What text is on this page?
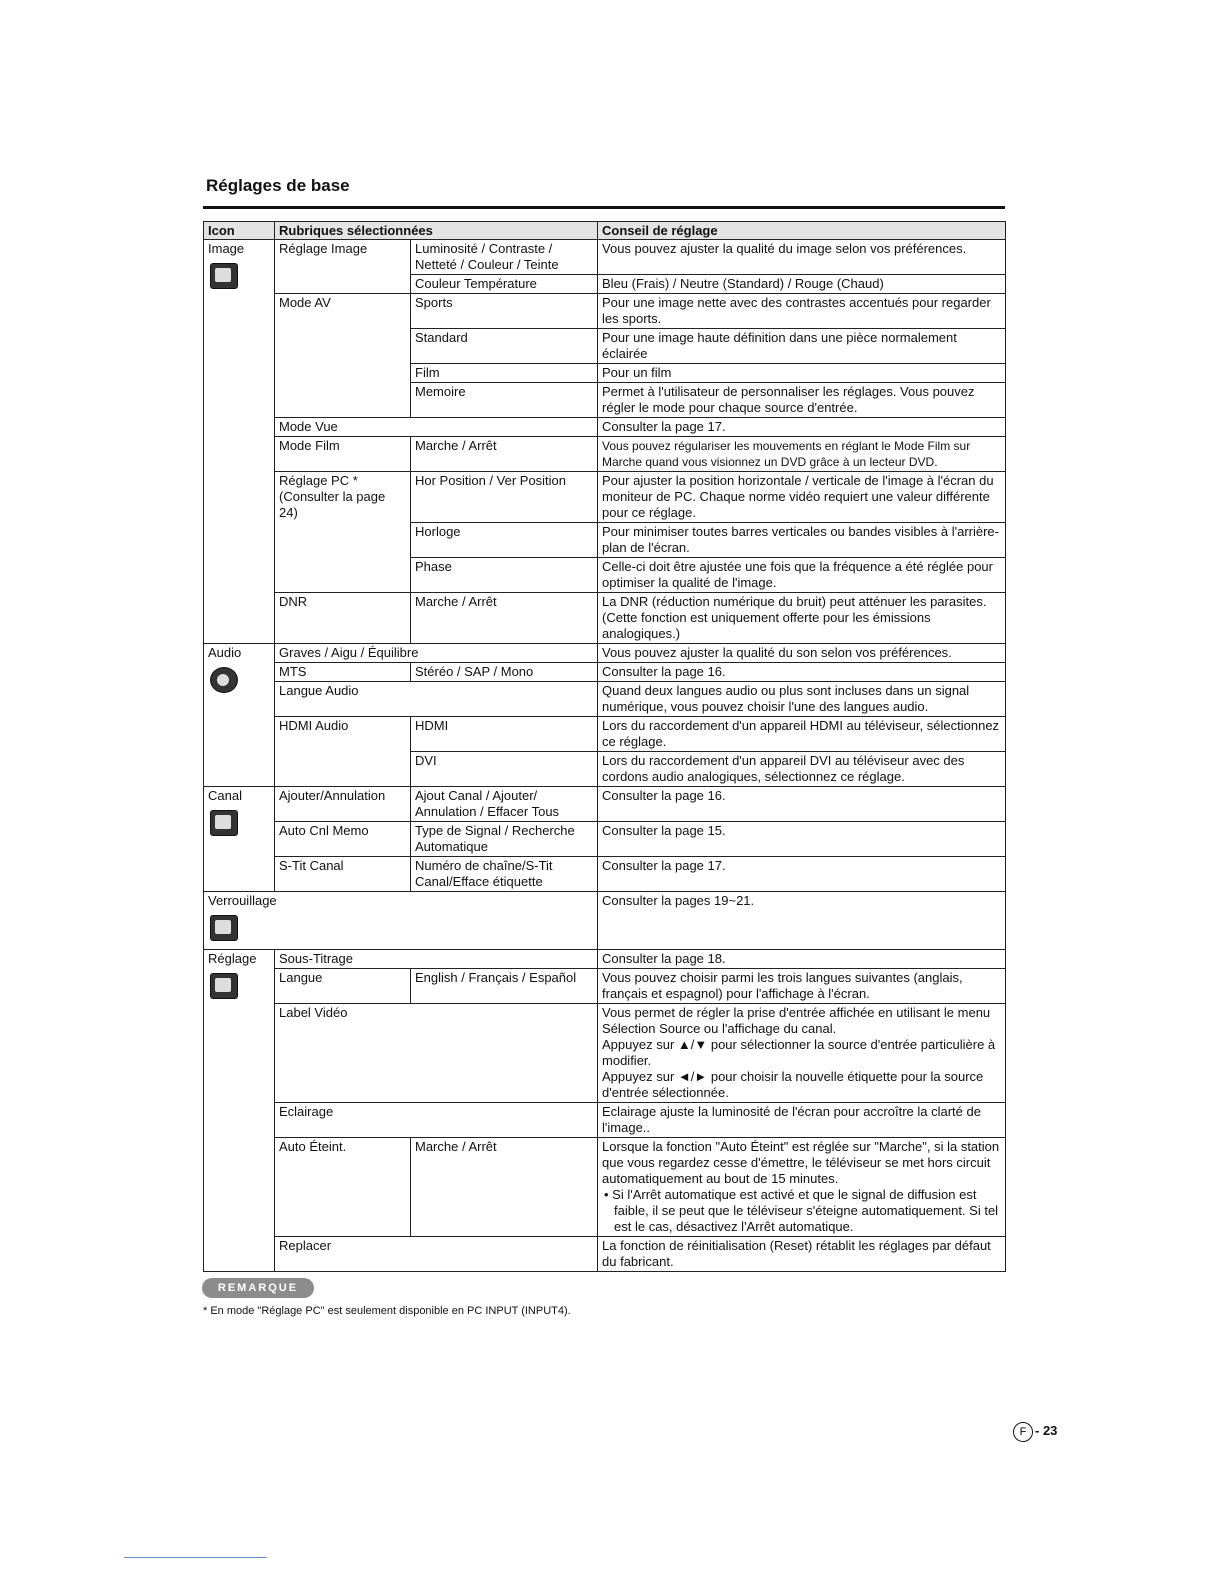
Réglages de base
Icon	Rubriques sélectionnées		Conseil de réglage

Image	Réglage Image	Luminosité / Contraste / Netteté / Couleur / Teinte	Vous pouvez ajuster la qualité du image selon vos préférences.
		Couleur Température	Bleu (Frais) / Neutre (Standard) / Rouge (Chaud)
	Mode AV	Sports	Pour une image nette avec des contrastes accentués pour regarder les sports.
		Standard	Pour une image haute définition dans une pièce normalement éclairée
		Film	Pour un film
		Memoire	Permet à l'utilisateur de personnaliser les réglages. Vous pouvez régler le mode pour chaque source d'entrée.
	Mode Vue		Consulter la page 17.
	Mode Film	Marche / Arrêt	Vous pouvez régulariser les mouvements en réglant le Mode Film sur Marche quand vous visionnez un DVD grâce à un lecteur DVD.
	Réglage PC * (Consulter la page 24)	Hor Position / Ver Position	Pour ajuster la position horizontale / verticale de l'image à l'écran du moniteur de PC. Chaque norme vidéo requiert une valeur différente pour ce réglage.
		Horloge	Pour minimiser toutes barres verticales ou bandes visibles à l'arrière-plan de l'écran.
		Phase	Celle-ci doit être ajustée une fois que la fréquence a été réglée pour optimiser la qualité de l'image.
	DNR	Marche / Arrêt	La DNR (réduction numérique du bruit) peut atténuer les parasites. (Cette fonction est uniquement offerte pour les émissions analogiques.)

Audio	Graves / Aigu / Équilibre		Vous pouvez ajuster la qualité du son selon vos préférences.
	MTS	Stéréo / SAP / Mono	Consulter la page 16.
	Langue Audio		Quand deux langues audio ou plus sont incluses dans un signal numérique, vous pouvez choisir l'une des langues audio.
	HDMI Audio	HDMI	Lors du raccordement d'un appareil HDMI au téléviseur, sélectionnez ce réglage.
		DVI	Lors du raccordement d'un appareil DVI au téléviseur avec des cordons audio analogiques, sélectionnez ce réglage.

Canal	Ajouter/Annulation	Ajout Canal / Ajouter/ Annulation / Effacer Tous	Consulter la page 16.
	Auto Cnl Memo	Type de Signal / Recherche Automatique	Consulter la page 15.
	S-Tit Canal	Numéro de chaîne/S-Tit Canal/Efface étiquette	Consulter la page 17.

Verrouillage			Consulter la pages 19~21.

Réglage	Sous-Titrage		Consulter la page 18.
	Langue	English / Français / Español	Vous pouvez choisir parmi les trois langues suivantes (anglais, français et espagnol) pour l'affichage à l'écran.
	Label Vidéo		Vous permet de régler la prise d'entrée affichée en utilisant le menu Sélection Source ou l'affichage du canal.
Appuyez sur ▲/▼ pour sélectionner la source d'entrée particulière à modifier.
Appuyez sur ◄/► pour choisir la nouvelle étiquette pour la source d'entrée sélectionnée.

	Eclairage		Eclairage ajuste la luminosité de l'écran pour accroître la clarté de l'image..
	Auto Éteint.	Marche / Arrêt	Lorsque la fonction "Auto Éteint" est réglée sur "Marche", si la station que vous regardez cesse d'émettre, le téléviseur se met hors circuit automatiquement au bout de 15 minutes.
• Si l'Arrêt automatique est activé et que le signal de diffusion est faible, il se peut que le téléviseur s'éteigne automatiquement. Si tel est le cas, désactivez l'Arrêt automatique.

	Replacer		La fonction de réinitialisation (Reset) rétablit les réglages par défaut du fabricant.
REMARQUE

* En mode "Réglage PC" est seulement disponible en PC INPUT (INPUT4).

F - 23
